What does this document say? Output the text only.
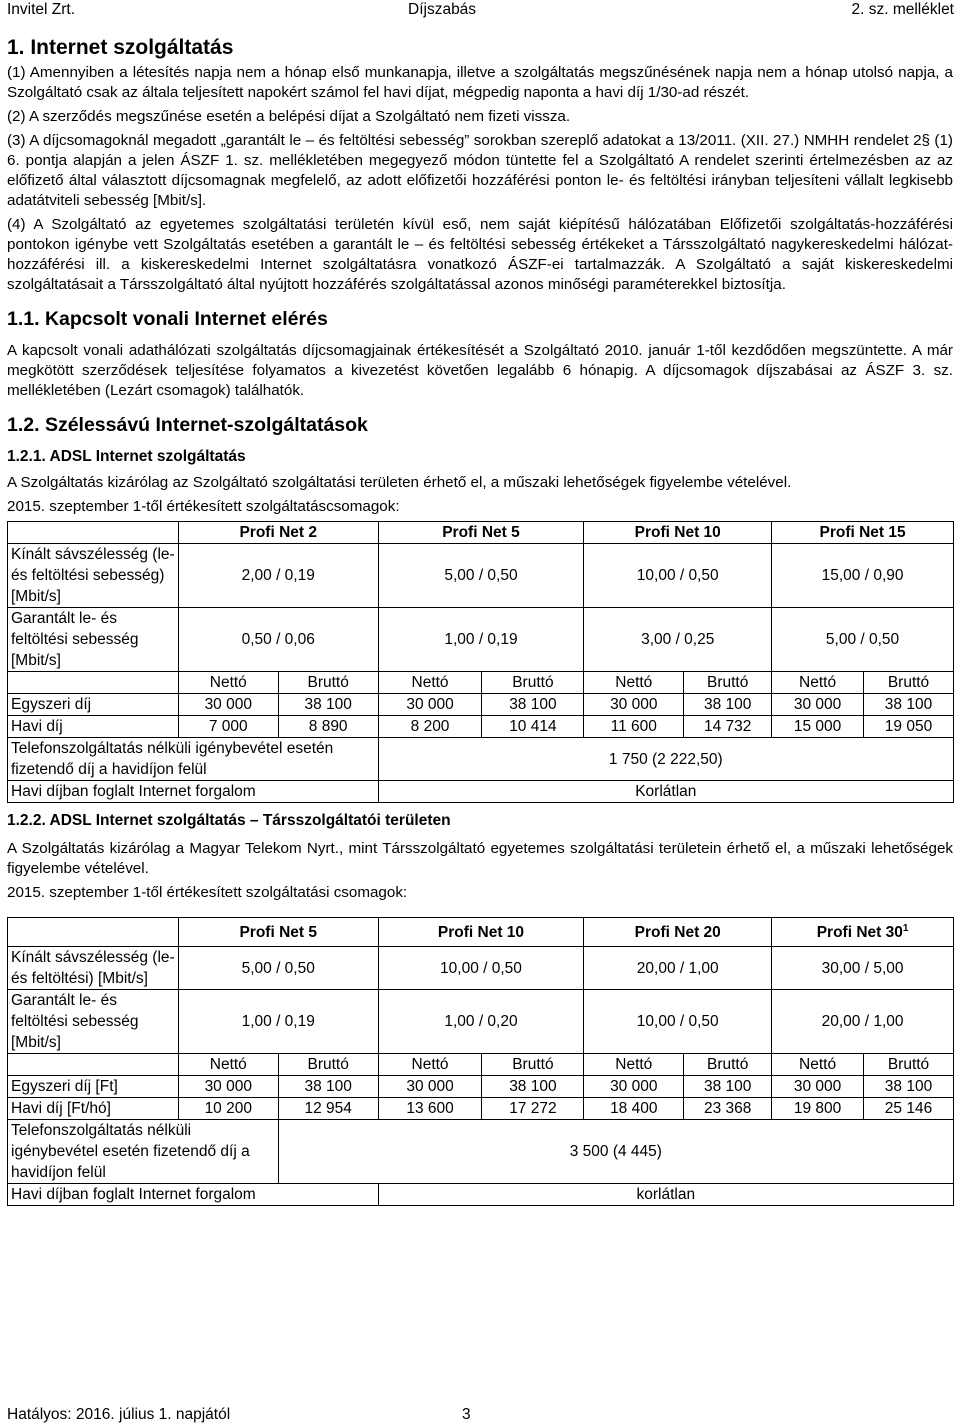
Invitel Zrt.	Díjszabás	2. sz. melléklet
1. Internet szolgáltatás

(1) Amennyiben a létesítés napja nem a hónap első munkanapja, illetve a szolgáltatás megszűnésének napja nem a hónap utolsó napja, a Szolgáltató csak az általa teljesített napokért számol fel havi díjat, mégpedig naponta a havi díj 1/30-ad részét.

(2) A szerződés megszűnése esetén a belépési díjat a Szolgáltató nem fizeti vissza.

(3) A díjcsomagoknál megadott „garantált le – és feltöltési sebesség” sorokban szereplő adatokat a 13/2011. (XII. 27.) NMHH rendelet 2§ (1) 6. pontja alapján a jelen ÁSZF 1. sz. mellékletében megegyező módon tüntette fel a Szolgáltató A rendelet szerinti értelmezésben az az előfizető által választott díjcsomagnak megfelelő, az adott előfizetői hozzáférési ponton le- és feltöltési irányban teljesíteni vállalt legkisebb adatátviteli sebesség [Mbit/s].

(4) A Szolgáltató az egyetemes szolgáltatási területén kívül eső, nem saját kiépítésű hálózatában Előfizetői szolgáltatás-hozzáférési pontokon igénybe vett Szolgáltatás esetében a garantált le – és feltöltési sebesség értékeket a Társszolgáltató nagykereskedelmi hálózat-hozzáférési ill. a kiskereskedelmi Internet szolgáltatásra vonatkozó ÁSZF-ei tartalmazzák. A Szolgáltató a saját kiskereskedelmi szolgáltatásait a Társszolgáltató által nyújtott hozzáférés szolgáltatással azonos minőségi paraméterekkel biztosítja.

1.1. Kapcsolt vonali Internet elérés

A kapcsolt vonali adathálózati szolgáltatás díjcsomagjainak értékesítését a Szolgáltató 2010. január 1-től kezdődően megszüntette. A már megkötött szerződések teljesítése folyamatos a kivezetést követően legalább 6 hónapig. A díjcsomagok díjszabásai az ÁSZF 3. sz. mellékletében (Lezárt csomagok) találhatók.

1.2. Szélessávú Internet-szolgáltatások
1.2.1. ADSL Internet szolgáltatás

A Szolgáltatás kizárólag az Szolgáltató szolgáltatási területen érhető el, a műszaki lehetőségek figyelembe vételével.

2015. szeptember 1-től értékesített szolgáltatáscsomagok:

	Profi Net 2		Profi Net 5		Profi Net 10		Profi Net 15	
Kínált sávszélesség (le- és feltöltési sebesség) [Mbit/s]	2,00 / 0,19		5,00 / 0,50		10,00 / 0,50		15,00 / 0,90	
Garantált le- és feltöltési sebesség [Mbit/s]	0,50 / 0,06		1,00 / 0,19		3,00 / 0,25		5,00 / 0,50	
	Nettó	Bruttó	Nettó	Bruttó	Nettó	Bruttó	Nettó	Bruttó
Egyszeri díj	30 000	38 100	30 000	38 100	30 000	38 100	30 000	38 100
Havi díj	7 000	8 890	8 200	10 414	11 600	14 732	15 000	19 050
Telefonszolgáltatás nélküli igénybevétel esetén fizetendő díj a havidíjon felül			1 750 (2 222,50)					
Havi díjban foglalt Internet forgalom			Korlátlan					
1.2.2. ADSL Internet szolgáltatás – Társszolgáltatói területen

A Szolgáltatás kizárólag a Magyar Telekom Nyrt., mint Társszolgáltató egyetemes szolgáltatási területein érhető el, a műszaki lehetőségek figyelembe vételével.

2015. szeptember 1-től értékesített szolgáltatási csomagok:

	Profi Net 5		Profi Net 10		Profi Net 20		Profi Net $30^1$
Kínált sávszélesség (le- és feltöltési) [Mbit/s]	5,00 / 0,50		10,00 / 0,50		20,00 / 1,00		30,00 / 5,00	
Garantált le- és feltöltési sebesség [Mbit/s]	1,00 / 0,19		1,00 / 0,20		10,00 / 0,50		20,00 / 1,00	
	Nettó	Bruttó	Nettó	Bruttó	Nettó	Bruttó	Nettó	Bruttó
Egyszeri díj [Ft]	30 000	38 100	30 000	38 100	30 000	38 100	30 000	38 100
Havi díj [Ft/hó]	10 200	12 954	13 600	17 272	18 400	23 368	19 800	25 146
Telefonszolgáltatás nélküli igénybevétel esetén fizetendő díj a havidíjon felül		3 500 (4 445)						
Havi díjban foglalt Internet forgalom			korlátlan					
Hatályos: 2016. július 1. napjától	3
